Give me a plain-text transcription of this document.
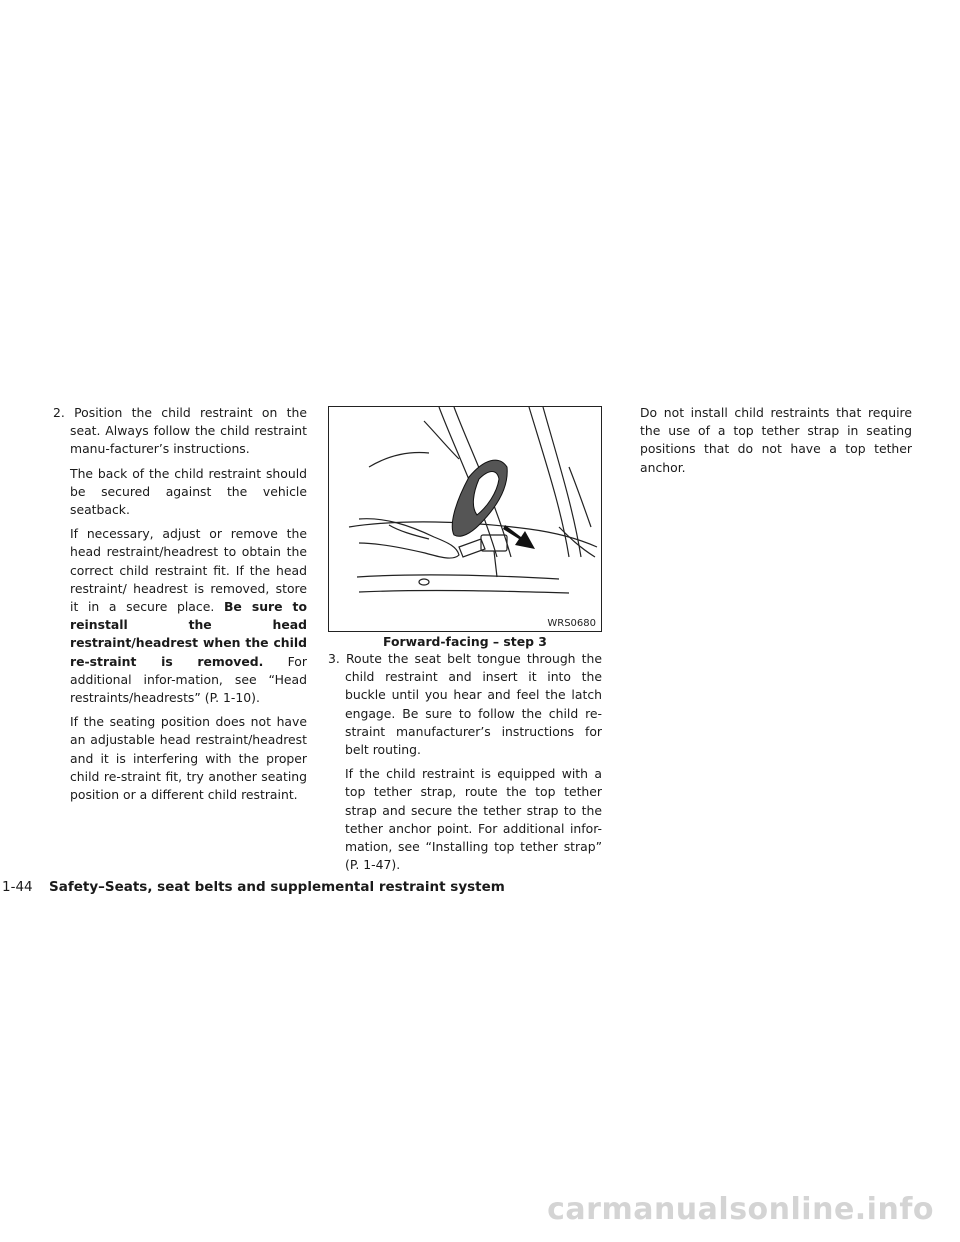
2. Position the child restraint on the seat. Always follow the child restraint manu-facturer’s instructions.

The back of the child restraint should be secured against the vehicle seatback.

If necessary, adjust or remove the head restraint/headrest to obtain the correct child restraint fit. If the head restraint/ headrest is removed, store it in a secure place. Be sure to reinstall the head restraint/headrest when the child re-straint is removed. For additional infor-mation, see “Head restraints/headrests” (P. 1-10).

If the seating position does not have an adjustable head restraint/headrest and it is interfering with the proper child re-straint fit, try another seating position or a different child restraint.

WRS0680
Forward-facing – step 3

3. Route the seat belt tongue through the child restraint and insert it into the buckle until you hear and feel the latch engage. Be sure to follow the child re-straint manufacturer’s instructions for belt routing.

If the child restraint is equipped with a top tether strap, route the top tether strap and secure the tether strap to the tether anchor point. For additional infor-mation, see “Installing top tether strap” (P. 1-47).

Do not install child restraints that require the use of a top tether strap in seating positions that do not have a top tether anchor.

1-44 Safety–Seats, seat belts and supplemental restraint system
carmanualsonline.info
